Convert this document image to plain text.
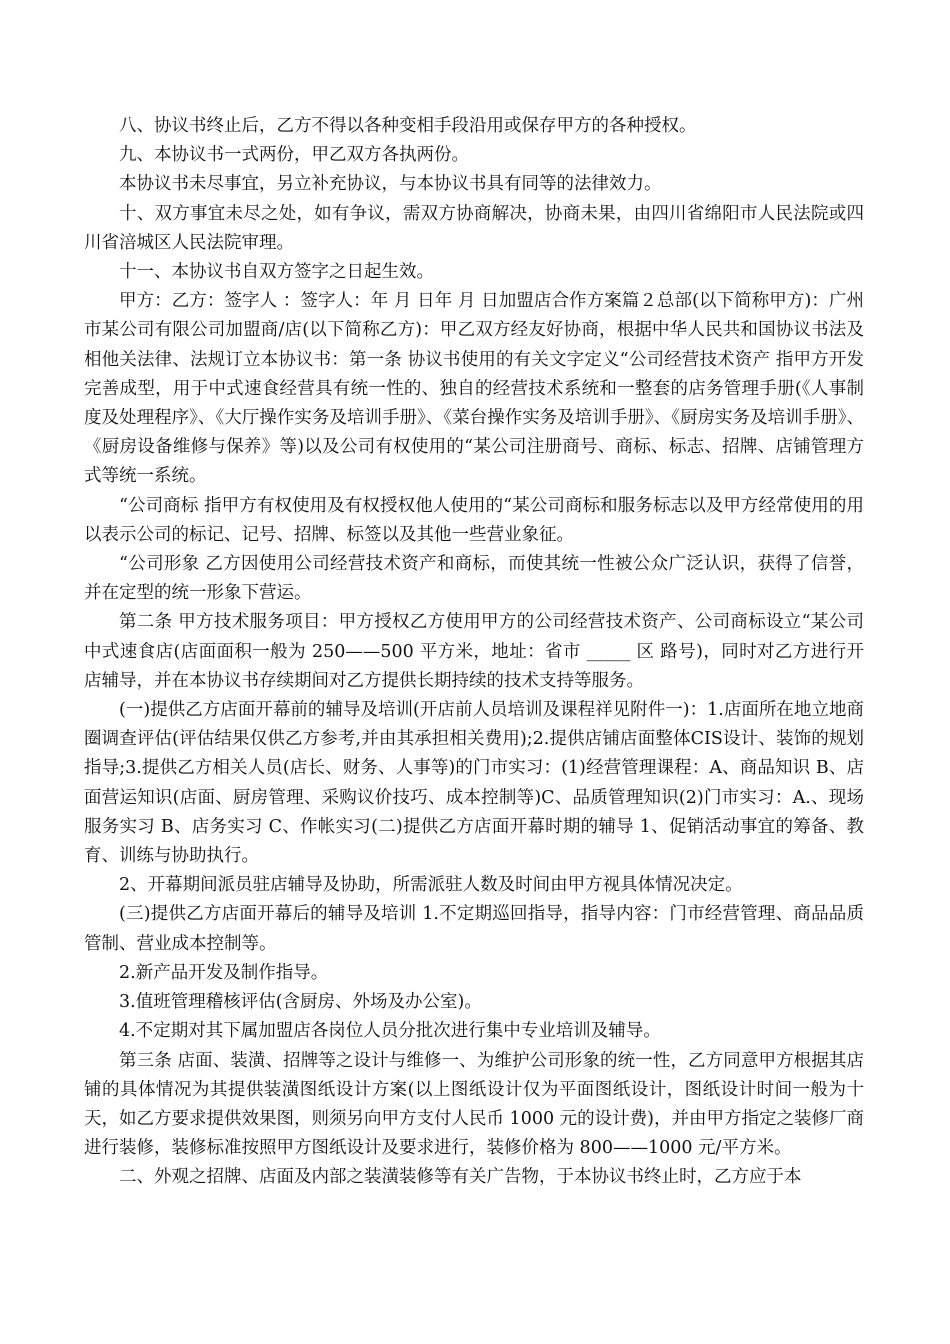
八、协议书终止后，乙方不得以各种变相手段沿用或保存甲方的各种授权。

九、本协议书一式两份，甲乙双方各执两份。

本协议书未尽事宜，另立补充协议，与本协议书具有同等的法律效力。

十、双方事宜未尽之处，如有争议，需双方协商解决，协商未果，由四川省绵阳市人民法院或四川省涪城区人民法院审理。

十一、本协议书自双方签字之日起生效。

甲方：乙方：签字人 ：签字人：年 月 日年 月 日加盟店合作方案篇２总部(以下简称甲方)：广州市某公司有限公司加盟商/店(以下简称乙方)：甲乙双方经友好协商，根据中华人民共和国协议书法及相他关法律、法规订立本协议书：第一条 协议书使用的有关文字定义“公司经营技术资产 指甲方开发完善成型，用于中式速食经营具有统一性的、独自的经营技术系统和一整套的店务管理手册(《人事制度及处理程序》、《大厅操作实务及培训手册》、《菜台操作实务及培训手册》、《厨房实务及培训手册》、《厨房设备维修与保养》等)以及公司有权使用的“某公司注册商号、商标、标志、招牌、店铺管理方式等统一系统。

“公司商标 指甲方有权使用及有权授权他人使用的“某公司商标和服务标志以及甲方经常使用的用以表示公司的标记、记号、招牌、标签以及其他一些营业象征。

“公司形象 乙方因使用公司经营技术资产和商标，而使其统一性被公众广泛认识，获得了信誉，并在定型的统一形象下营运。

第二条 甲方技术服务项目：甲方授权乙方使用甲方的公司经营技术资产、公司商标设立“某公司中式速食店(店面面积一般为 250——500 平方米，地址：省市 _____ 区 路号)，同时对乙方进行开店辅导，并在本协议书存续期间对乙方提供长期持续的技术支持等服务。

(一)提供乙方店面开幕前的辅导及培训(开店前人员培训及课程祥见附件一)：1.店面所在地立地商圈调查评估(评估结果仅供乙方参考,并由其承担相关费用);2.提供店铺店面整体CIS设计、装饰的规划指导;3.提供乙方相关人员(店长、财务、人事等)的门市实习：(1)经营管理课程：A、商品知识 B、店面营运知识(店面、厨房管理、采购议价技巧、成本控制等)C、品质管理知识(2)门市实习：A.、现场服务实习 B、店务实习 C、作帐实习(二)提供乙方店面开幕时期的辅导 1、促销活动事宜的筹备、教育、训练与协助执行。

2、开幕期间派员驻店辅导及协助，所需派驻人数及时间由甲方视具体情况决定。

(三)提供乙方店面开幕后的辅导及培训 1.不定期巡回指导，指导内容：门市经营管理、商品品质管制、营业成本控制等。

2.新产品开发及制作指导。

3.值班管理稽核评估(含厨房、外场及办公室)。

4.不定期对其下属加盟店各岗位人员分批次进行集中专业培训及辅导。

第三条 店面、装潢、招牌等之设计与维修一、为维护公司形象的统一性，乙方同意甲方根据其店铺的具体情况为其提供装潢图纸设计方案(以上图纸设计仅为平面图纸设计，图纸设计时间一般为十天，如乙方要求提供效果图，则须另向甲方支付人民币 1000 元的设计费)，并由甲方指定之装修厂商进行装修，装修标准按照甲方图纸设计及要求进行，装修价格为 800——1000 元/平方米。

二、外观之招牌、店面及内部之装潢装修等有关广告物，于本协议书终止时，乙方应于本
